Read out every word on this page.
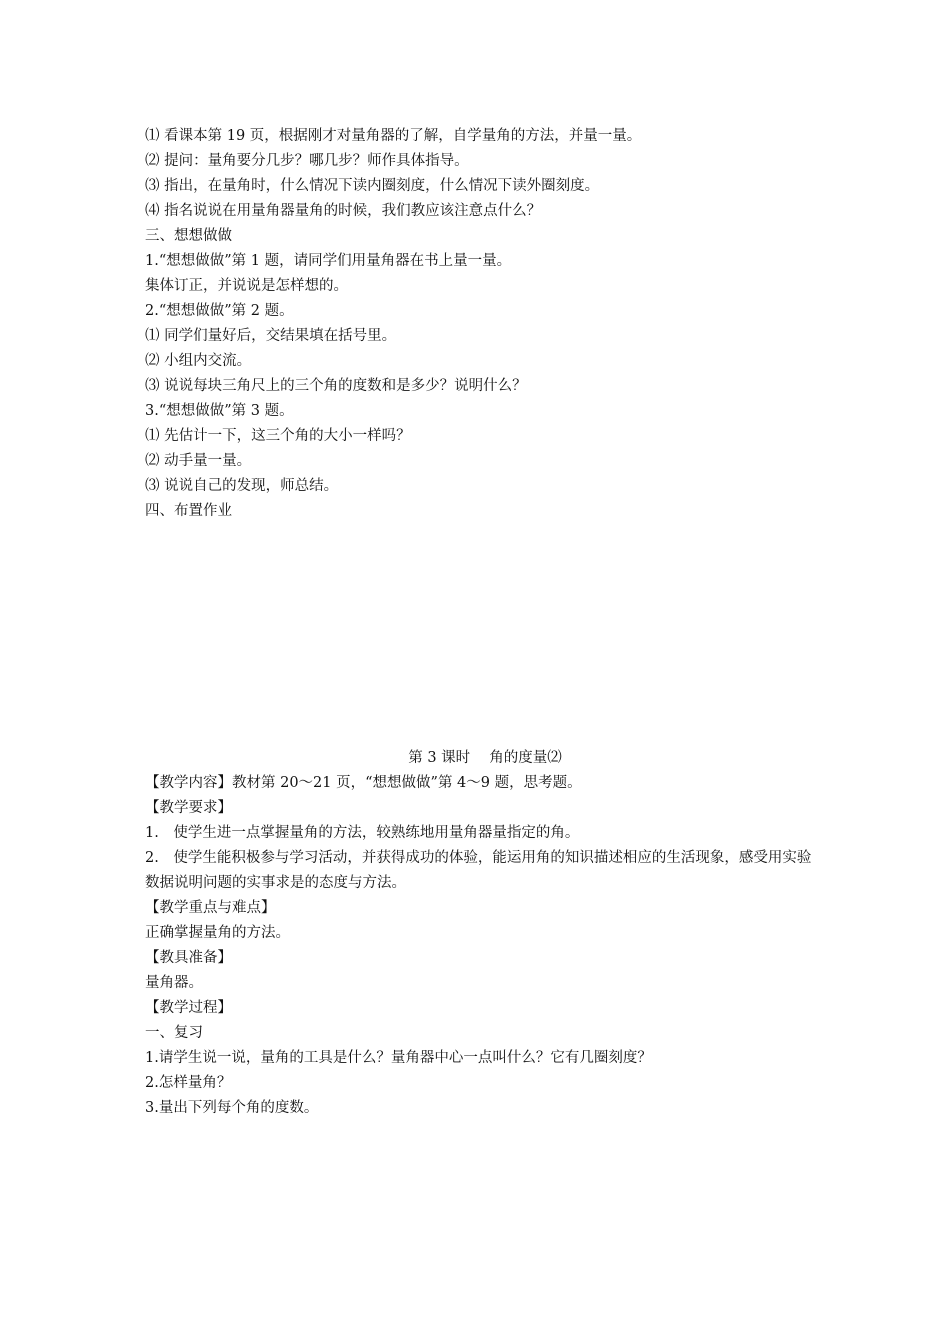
⑴ 看课本第 19 页，根据刚才对量角器的了解，自学量角的方法，并量一量。
⑵ 提问：量角要分几步？哪几步？师作具体指导。
⑶ 指出，在量角时，什么情况下读内圈刻度，什么情况下读外圈刻度。
⑷ 指名说说在用量角器量角的时候，我们教应该注意点什么？
三、想想做做
1.“想想做做”第 1 题，请同学们用量角器在书上量一量。
集体订正，并说说是怎样想的。
2.“想想做做”第 2 题。
⑴ 同学们量好后，交结果填在括号里。
⑵ 小组内交流。
⑶ 说说每块三角尺上的三个角的度数和是多少？说明什么？
3.“想想做做”第 3 题。
⑴ 先估计一下，这三个角的大小一样吗？
⑵ 动手量一量。
⑶ 说说自己的发现，师总结。
四、布置作业
第 3 课时　 角的度量⑵
【教学内容】教材第 20～21 页，“想想做做”第 4～9 题，思考题。
【教学要求】
1.　使学生进一点掌握量角的方法，较熟练地用量角器量指定的角。
2.　使学生能积极参与学习活动，并获得成功的体验，能运用角的知识描述相应的生活现象，感受用实验数据说明问题的实事求是的态度与方法。
【教学重点与难点】
正确掌握量角的方法。
【教具准备】
量角器。
【教学过程】
一、复习
1.请学生说一说，量角的工具是什么？量角器中心一点叫什么？它有几圈刻度？
2.怎样量角？
3.量出下列每个角的度数。
